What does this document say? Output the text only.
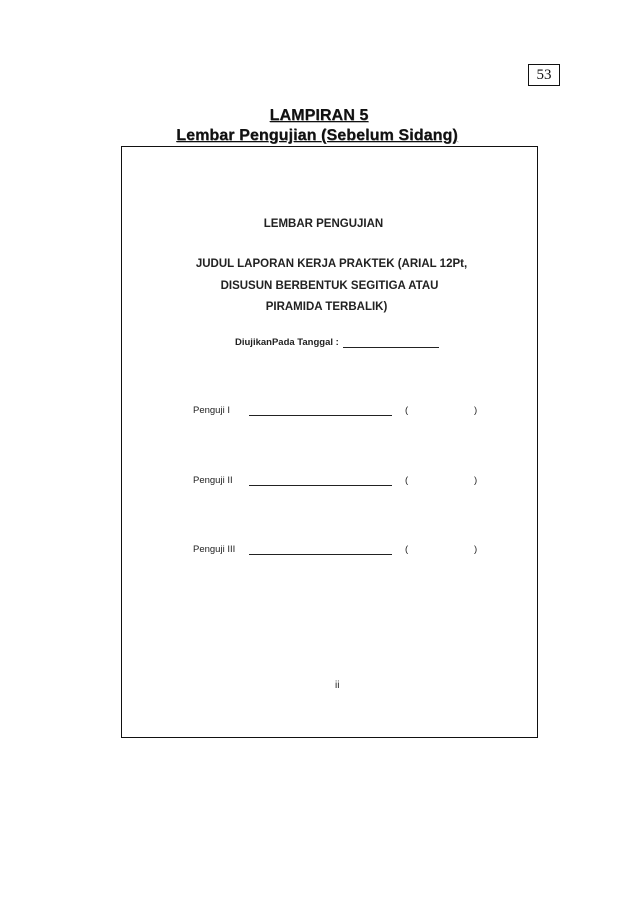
53
LAMPIRAN 5
Lembar Pengujian (Sebelum Sidang)
LEMBAR PENGUJIAN
JUDUL LAPORAN KERJA PRAKTEK (ARIAL 12Pt,
DISUSUN BERBENTUK SEGITIGA ATAU
PIRAMIDA TERBALIK)
DiujikanPada Tanggal :
Penguji I	(	)
Penguji II	(	)
Penguji III	(	)
ii
